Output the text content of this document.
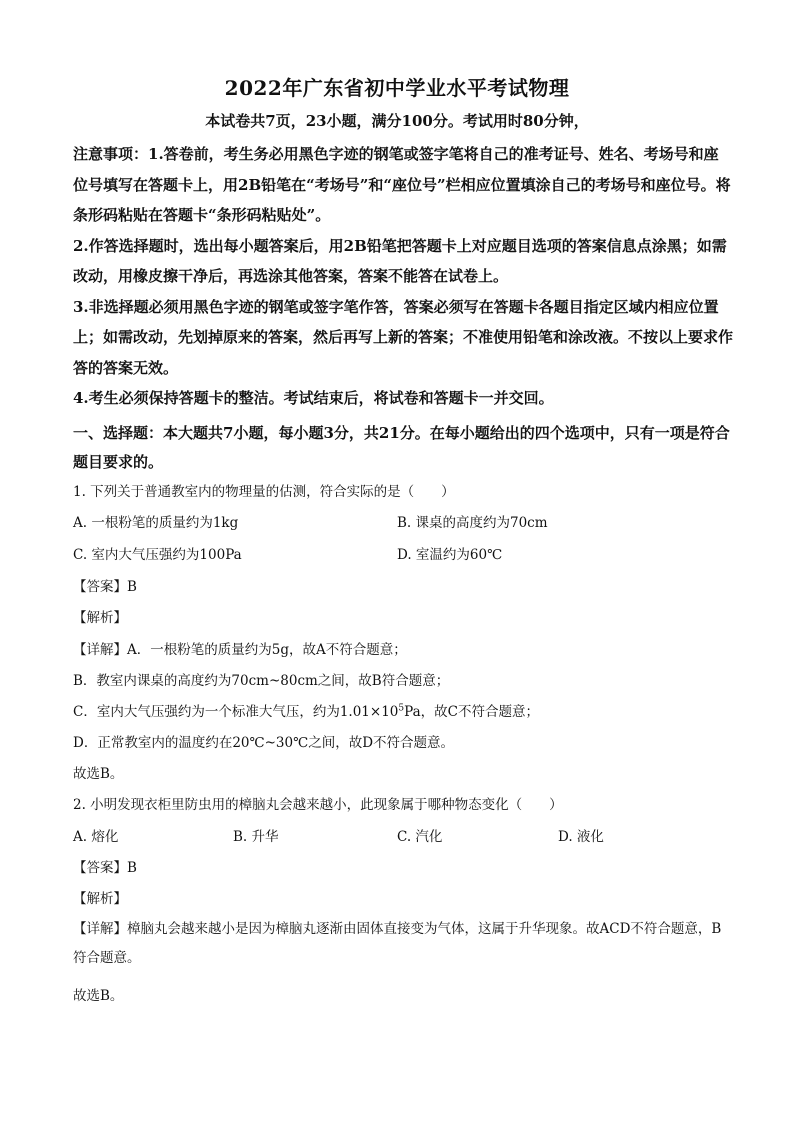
2022年广东省初中学业水平考试物理
本试卷共7页，23小题，满分100分。考试用时80分钟，

注意事项：1.答卷前，考生务必用黑色字迹的钢笔或签字笔将自己的准考证号、姓名、考场号和座位号填写在答题卡上，用2B铅笔在“考场号”和“座位号”栏相应位置填涂自己的考场号和座位号。将条形码粘贴在答题卡“条形码粘贴处”。

2.作答选择题时，选出每小题答案后，用2B铅笔把答题卡上对应题目选项的答案信息点涂黑；如需改动，用橡皮擦干净后，再选涂其他答案，答案不能答在试卷上。

3.非选择题必须用黑色字迹的钢笔或签字笔作答，答案必须写在答题卡各题目指定区域内相应位置上；如需改动，先划掉原来的答案，然后再写上新的答案；不准使用铅笔和涂改液。不按以上要求作答的答案无效。

4.考生必须保持答题卡的整洁。考试结束后，将试卷和答题卡一并交回。

一、选择题：本大题共7小题，每小题3分，共21分。在每小题给出的四个选项中，只有一项是符合题目要求的。
1. 下列关于普通教室内的物理量的估测，符合实际的是（　　）
A. 一根粉笔的质量约为1kg	B. 课桌的高度约为70cm
C. 室内大气压强约为100Pa	D. 室温约为60℃
【答案】B
【解析】
【详解】A．一根粉笔的质量约为5g，故A不符合题意；
B．教室内课桌的高度约为70cm~80cm之间，故B符合题意；
C．室内大气压强约为一个标准大气压，约为$1.01\times 10^5Pa$，故C不符合题意；
D．正常教室内的温度约在20℃~30℃之间，故D不符合题意。
故选B。
2. 小明发现衣柜里防虫用的樟脑丸会越来越小，此现象属于哪种物态变化（　　）
A. 熔化	B. 升华	C. 汽化	D. 液化
【答案】B
【解析】
【详解】樟脑丸会越来越小是因为樟脑丸逐渐由固体直接变为气体，这属于升华现象。故ACD不符合题意，B符合题意。
故选B。
